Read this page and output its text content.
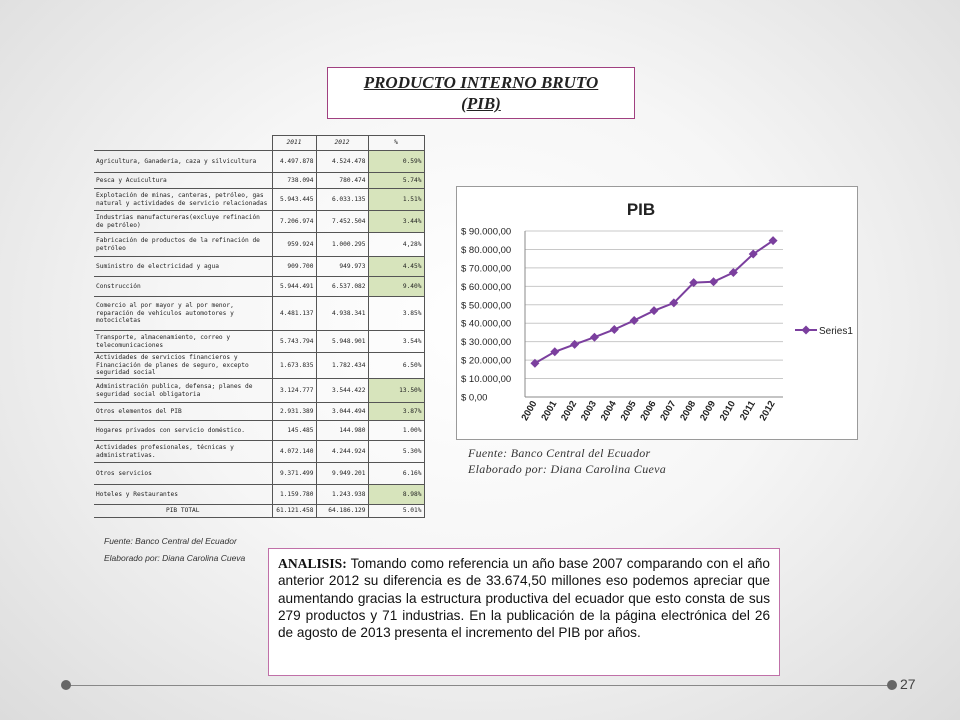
PRODUCTO INTERNO BRUTO
(PIB)
	2011	2012	%
Agricultura, Ganadería, caza y silvicultura	4.497.878	4.524.478	0.59%
Pesca y Acuicultura	738.094	780.474	5.74%
Explotación de minas, canteras, petróleo, gas natural y actividades de servicio relacionadas	5.943.445	6.033.135	1.51%
Industrias manufactureras(excluye refinación de petróleo)	7.206.974	7.452.504	3.44%
Fabricación de productos de la refinación de petróleo	959.924	1.000.295	4,28%
Suministro de electricidad y agua	909.700	949.973	4.45%
Construcción	5.944.491	6.537.082	9.40%
Comercio al por mayor y al por menor, reparación de vehículos automotores y motocicletas	4.481.137	4.938.341	3.85%
Transporte, almacenamiento, correo y telecomunicaciones	5.743.794	5.948.901	3.54%
Actividades de servicios financieros y Financiación de planes de seguro, excepto seguridad social	1.673.835	1.782.434	6.50%
Administración publica, defensa; planes de seguridad social obligatoria	3.124.777	3.544.422	13.50%
Otros elementos del PIB	2.931.389	3.044.494	3.87%
Hogares privados con servicio doméstico.	145.485	144.980	1.00%
Actividades profesionales, técnicas y administrativas.	4.072.140	4.244.924	5.30%
Otros servicios	9.371.499	9.949.201	6.16%
Hoteles y Restaurantes	1.159.780	1.243.938	8.98%
PIB TOTAL	61.121.458	64.186.129	5.01%
Fuente: Banco Central del Ecuador
Elaborado por: Diana Carolina Cueva
PIB
$ 0,00
$ 10.000,00
$ 20.000,00
$ 30.000,00
$ 40.000,00
$ 50.000,00
$ 60.000,00
$ 70.000,00
$ 80.000,00
$ 90.000,00
2000 2001 2002 2003 2004 2005 2006 2007 2008 2009 2010 2011 2012
Series1
Fuente: Banco Central del Ecuador
Elaborado por: Diana Carolina Cueva
ANALISIS: Tomando como referencia un año base 2007 comparando con el año anterior 2012 su diferencia es de 33.674,50 millones eso podemos apreciar que aumentando gracias la estructura productiva del ecuador que esto consta de sus 279 productos y 71 industrias. En la publicación de la página electrónica del 26 de agosto de 2013 presenta el incremento del PIB por años.
27
